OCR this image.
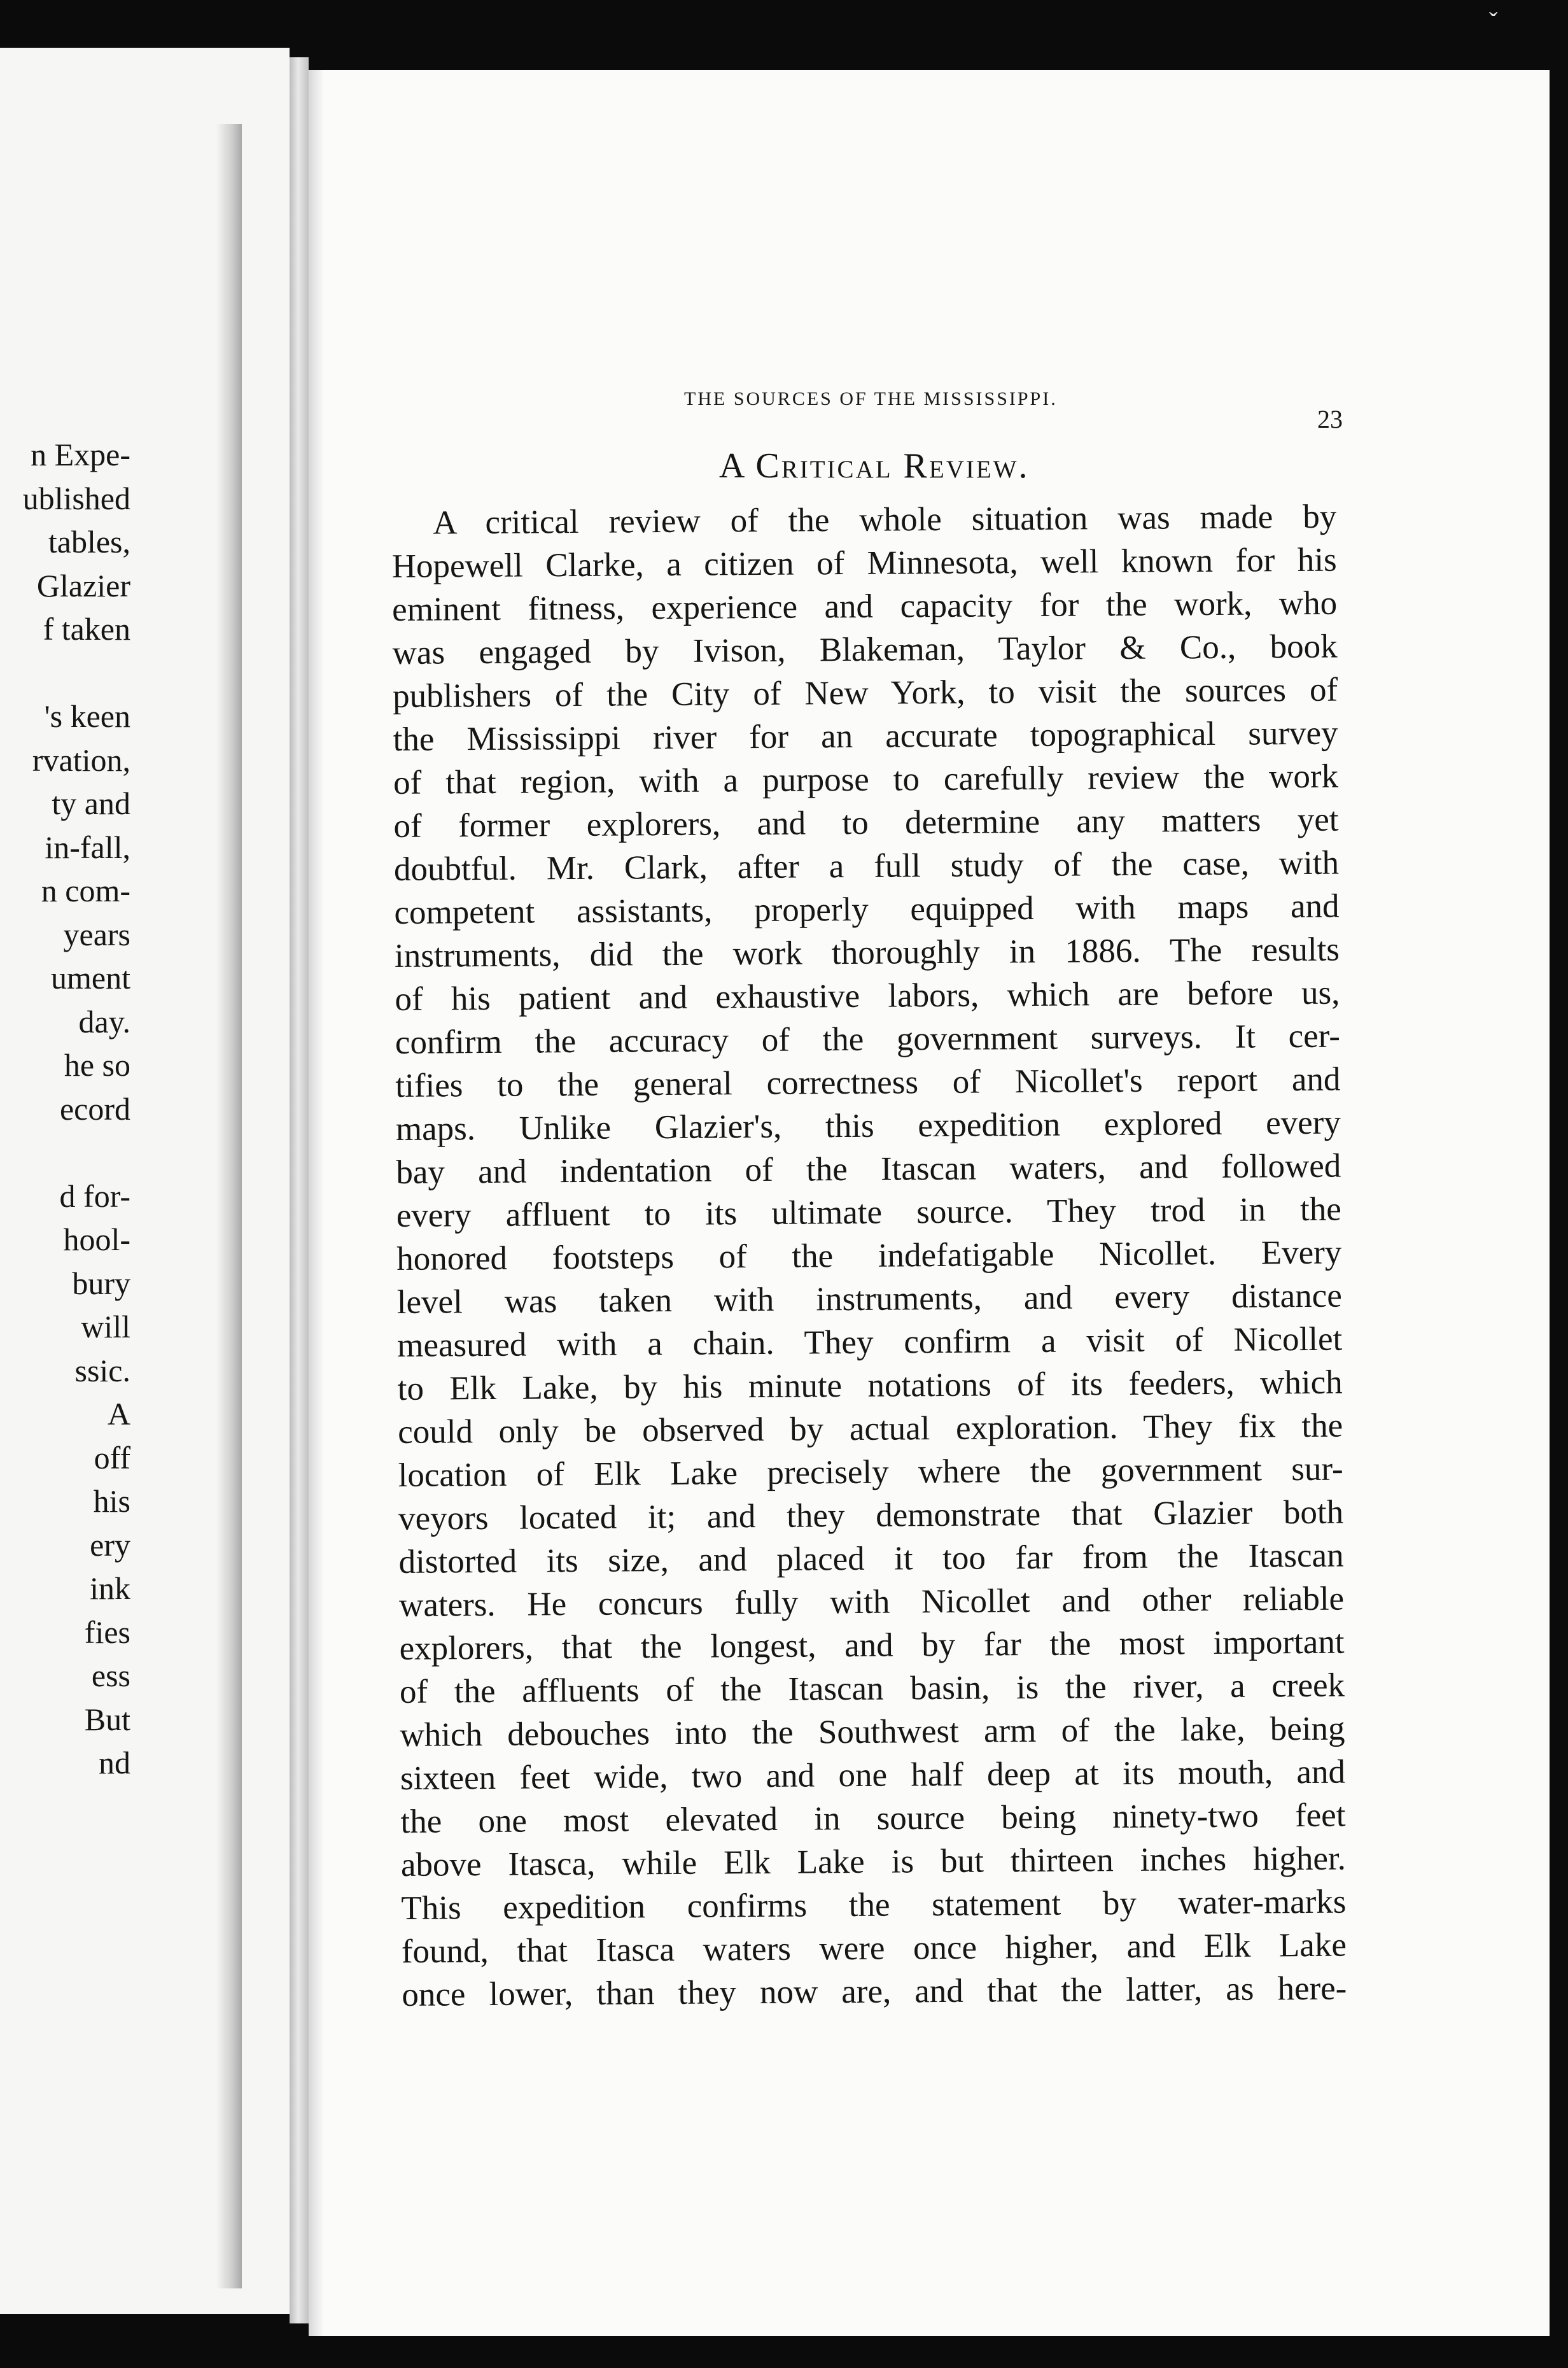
ˇ
n Expe-
ublished
tables,
Glazier
f taken

's keen
rvation,
ty and
in-fall,
n com-
years
ument
day.
he so
ecord

d for-
hool-
bury
will
ssic.
A
off
his
ery
ink
fies
ess
But
nd
THE SOURCES OF THE MISSISSIPPI.
23
A Critical Review.
A critical review of the whole situation was made by
Hopewell Clarke, a citizen of Minnesota, well known for his
eminent fitness, experience and capacity for the work, who
was engaged by Ivison, Blakeman, Taylor & Co., book
publishers of the City of New York, to visit the sources of
the Mississippi river for an accurate topographical survey
of that region, with a purpose to carefully review the work
of former explorers, and to determine any matters yet
doubtful. Mr. Clark, after a full study of the case, with
competent assistants, properly equipped with maps and
instruments, did the work thoroughly in 1886. The results
of his patient and exhaustive labors, which are before us,
confirm the accuracy of the government surveys. It cer-
tifies to the general correctness of Nicollet's report and
maps. Unlike Glazier's, this expedition explored every
bay and indentation of the Itascan waters, and followed
every affluent to its ultimate source. They trod in the
honored footsteps of the indefatigable Nicollet. Every
level was taken with instruments, and every distance
measured with a chain. They confirm a visit of Nicollet
to Elk Lake, by his minute notations of its feeders, which
could only be observed by actual exploration. They fix the
location of Elk Lake precisely where the government sur-
veyors located it; and they demonstrate that Glazier both
distorted its size, and placed it too far from the Itascan
waters. He concurs fully with Nicollet and other reliable
explorers, that the longest, and by far the most important
of the affluents of the Itascan basin, is the river, a creek
which debouches into the Southwest arm of the lake, being
sixteen feet wide, two and one half deep at its mouth, and
the one most elevated in source being ninety-two feet
above Itasca, while Elk Lake is but thirteen inches higher.
This expedition confirms the statement by water-marks
found, that Itasca waters were once higher, and Elk Lake
once lower, than they now are, and that the latter, as here-
